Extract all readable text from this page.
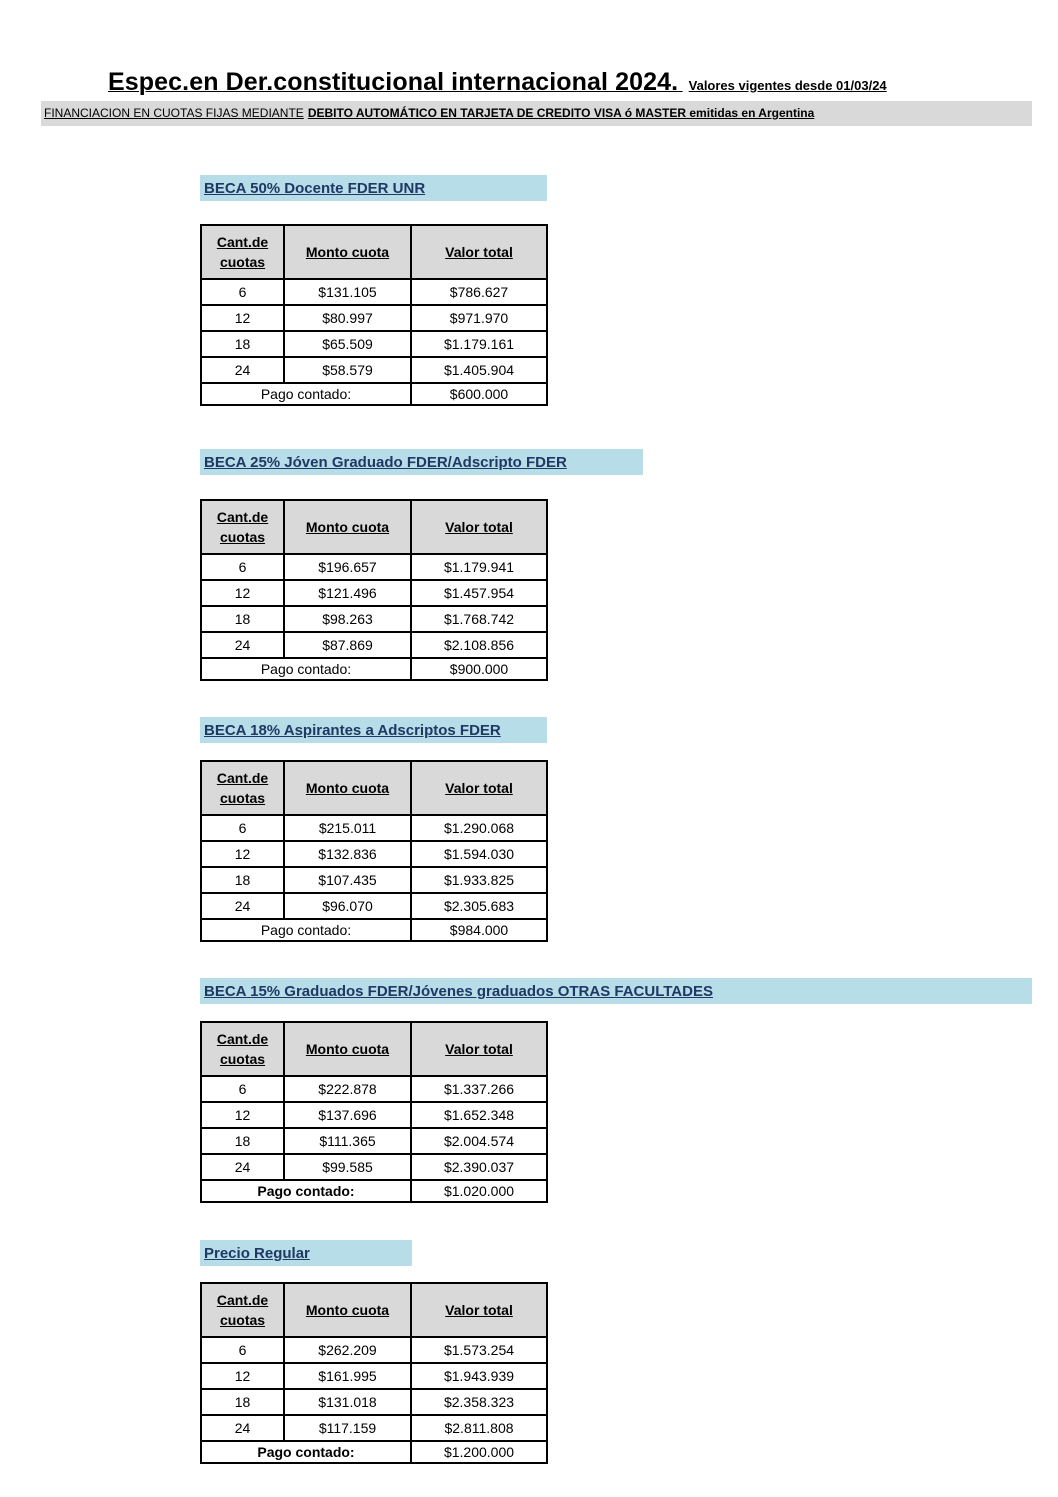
Espec.en Der.constitucional internacional 2024. Valores vigentes desde 01/03/24
FINANCIACION EN CUOTAS FIJAS MEDIANTE DEBITO AUTOMÁTICO EN TARJETA DE CREDITO VISA ó MASTER emitidas en Argentina
BECA 50% Docente FDER UNR
Cant.de cuotas	Monto cuota	Valor total
6	$131.105	$786.627
12	$80.997	$971.970
18	$65.509	$1.179.161
24	$58.579	$1.405.904
Pago contado:		$600.000
BECA 25% Jóven Graduado FDER/Adscripto FDER
Cant.de cuotas	Monto cuota	Valor total
6	$196.657	$1.179.941
12	$121.496	$1.457.954
18	$98.263	$1.768.742
24	$87.869	$2.108.856
Pago contado:		$900.000
BECA 18% Aspirantes a Adscriptos FDER
Cant.de cuotas	Monto cuota	Valor total
6	$215.011	$1.290.068
12	$132.836	$1.594.030
18	$107.435	$1.933.825
24	$96.070	$2.305.683
Pago contado:		$984.000
BECA 15% Graduados FDER/Jóvenes graduados OTRAS FACULTADES
Cant.de cuotas	Monto cuota	Valor total
6	$222.878	$1.337.266
12	$137.696	$1.652.348
18	$111.365	$2.004.574
24	$99.585	$2.390.037
Pago contado:		$1.020.000
Precio Regular
Cant.de cuotas	Monto cuota	Valor total
6	$262.209	$1.573.254
12	$161.995	$1.943.939
18	$131.018	$2.358.323
24	$117.159	$2.811.808
Pago contado:		$1.200.000
